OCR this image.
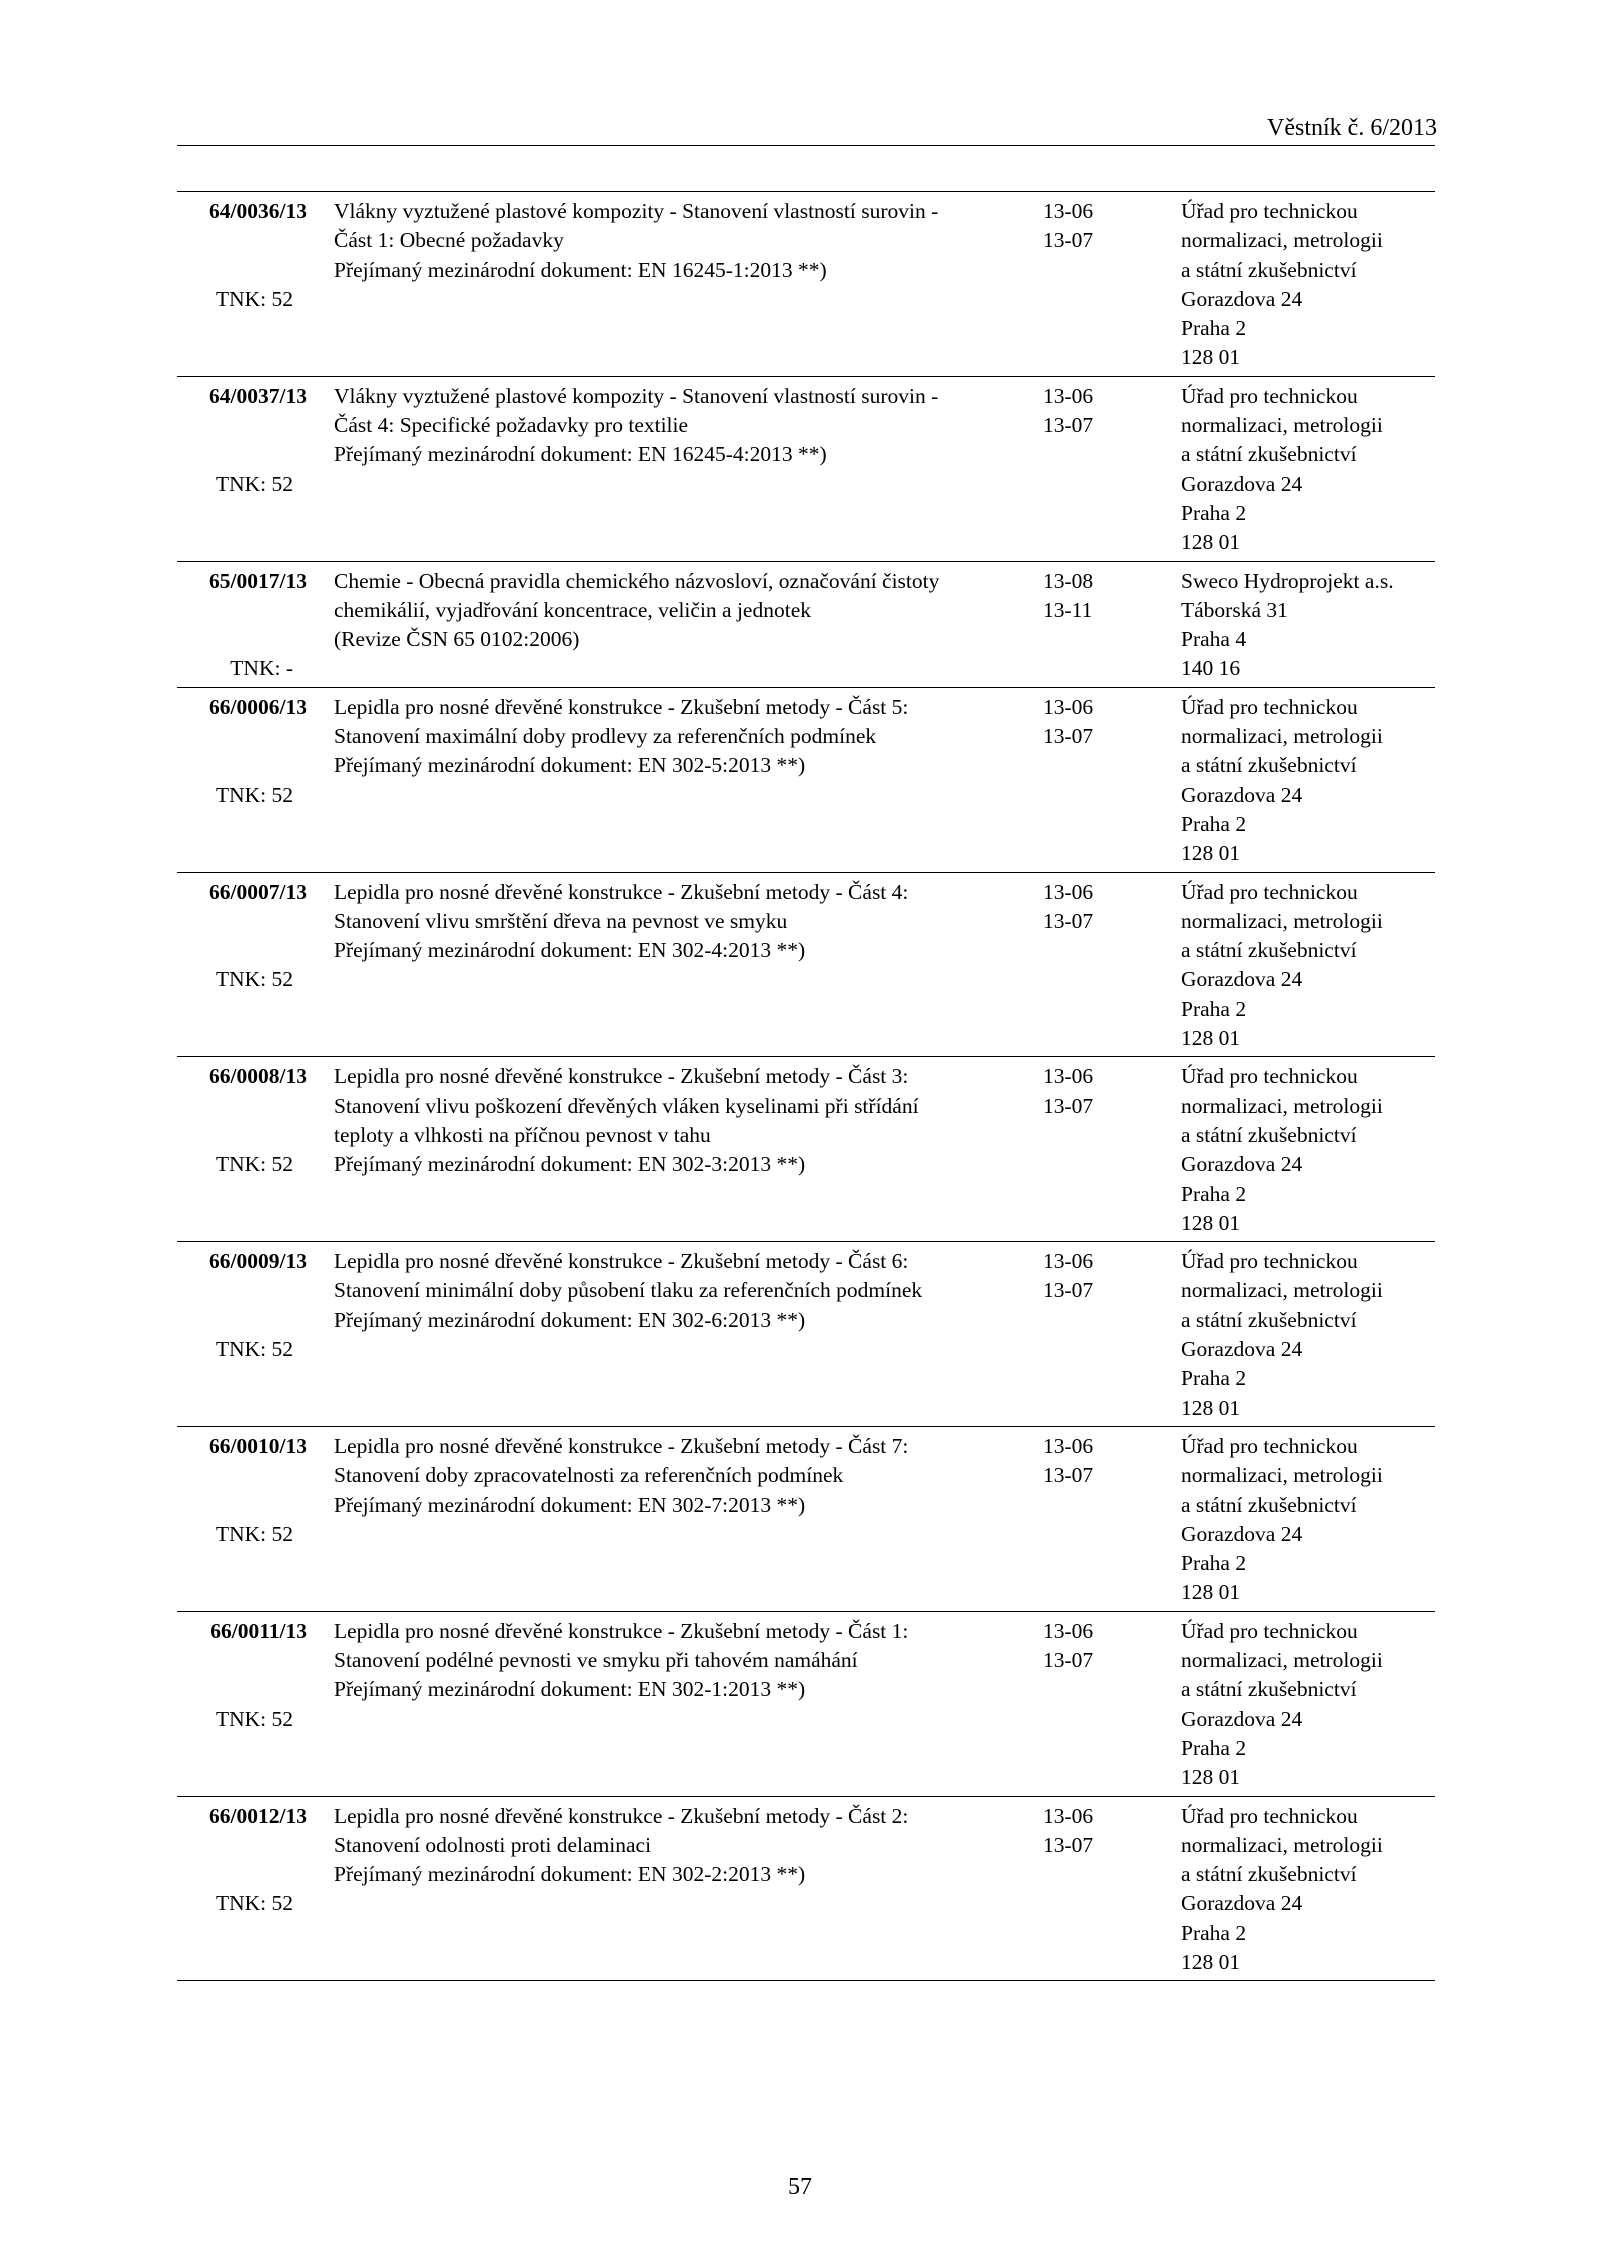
Věstník č. 6/2013
64/0036/13
TNK: 52
Vlákny vyztužené plastové kompozity - Stanovení vlastností surovin -
Část 1: Obecné požadavky
Přejímaný mezinárodní dokument: EN 16245-1:2013 **)
13-06
13-07
Úřad pro technickou
normalizaci, metrologii
a státní zkušebnictví
Gorazdova 24
Praha 2
128 01
64/0037/13
TNK: 52
Vlákny vyztužené plastové kompozity - Stanovení vlastností surovin -
Část 4: Specifické požadavky pro textilie
Přejímaný mezinárodní dokument: EN 16245-4:2013 **)
13-06
13-07
Úřad pro technickou
normalizaci, metrologii
a státní zkušebnictví
Gorazdova 24
Praha 2
128 01
65/0017/13
TNK: -
Chemie - Obecná pravidla chemického názvosloví, označování čistoty
chemikálií, vyjadřování koncentrace, veličin a jednotek
(Revize ČSN 65 0102:2006)
13-08
13-11
Sweco Hydroprojekt a.s.
Táborská 31
Praha 4
140 16
66/0006/13
TNK: 52
Lepidla pro nosné dřevěné konstrukce - Zkušební metody - Část 5:
Stanovení maximální doby prodlevy za referenčních podmínek
Přejímaný mezinárodní dokument: EN 302-5:2013 **)
13-06
13-07
Úřad pro technickou
normalizaci, metrologii
a státní zkušebnictví
Gorazdova 24
Praha 2
128 01
66/0007/13
TNK: 52
Lepidla pro nosné dřevěné konstrukce - Zkušební metody - Část 4:
Stanovení vlivu smrštění dřeva na pevnost ve smyku
Přejímaný mezinárodní dokument: EN 302-4:2013 **)
13-06
13-07
Úřad pro technickou
normalizaci, metrologii
a státní zkušebnictví
Gorazdova 24
Praha 2
128 01
66/0008/13
TNK: 52
Lepidla pro nosné dřevěné konstrukce - Zkušební metody - Část 3:
Stanovení vlivu poškození dřevěných vláken kyselinami při střídání
teploty a vlhkosti na příčnou pevnost v tahu
Přejímaný mezinárodní dokument: EN 302-3:2013 **)
13-06
13-07
Úřad pro technickou
normalizaci, metrologii
a státní zkušebnictví
Gorazdova 24
Praha 2
128 01
66/0009/13
TNK: 52
Lepidla pro nosné dřevěné konstrukce - Zkušební metody - Část 6:
Stanovení minimální doby působení tlaku za referenčních podmínek
Přejímaný mezinárodní dokument: EN 302-6:2013 **)
13-06
13-07
Úřad pro technickou
normalizaci, metrologii
a státní zkušebnictví
Gorazdova 24
Praha 2
128 01
66/0010/13
TNK: 52
Lepidla pro nosné dřevěné konstrukce - Zkušební metody - Část 7:
Stanovení doby zpracovatelnosti za referenčních podmínek
Přejímaný mezinárodní dokument: EN 302-7:2013 **)
13-06
13-07
Úřad pro technickou
normalizaci, metrologii
a státní zkušebnictví
Gorazdova 24
Praha 2
128 01
66/0011/13
TNK: 52
Lepidla pro nosné dřevěné konstrukce - Zkušební metody - Část 1:
Stanovení podélné pevnosti ve smyku při tahovém namáhání
Přejímaný mezinárodní dokument: EN 302-1:2013 **)
13-06
13-07
Úřad pro technickou
normalizaci, metrologii
a státní zkušebnictví
Gorazdova 24
Praha 2
128 01
66/0012/13
TNK: 52
Lepidla pro nosné dřevěné konstrukce - Zkušební metody - Část 2:
Stanovení odolnosti proti delaminaci
Přejímaný mezinárodní dokument: EN 302-2:2013 **)
13-06
13-07
Úřad pro technickou
normalizaci, metrologii
a státní zkušebnictví
Gorazdova 24
Praha 2
128 01
57
